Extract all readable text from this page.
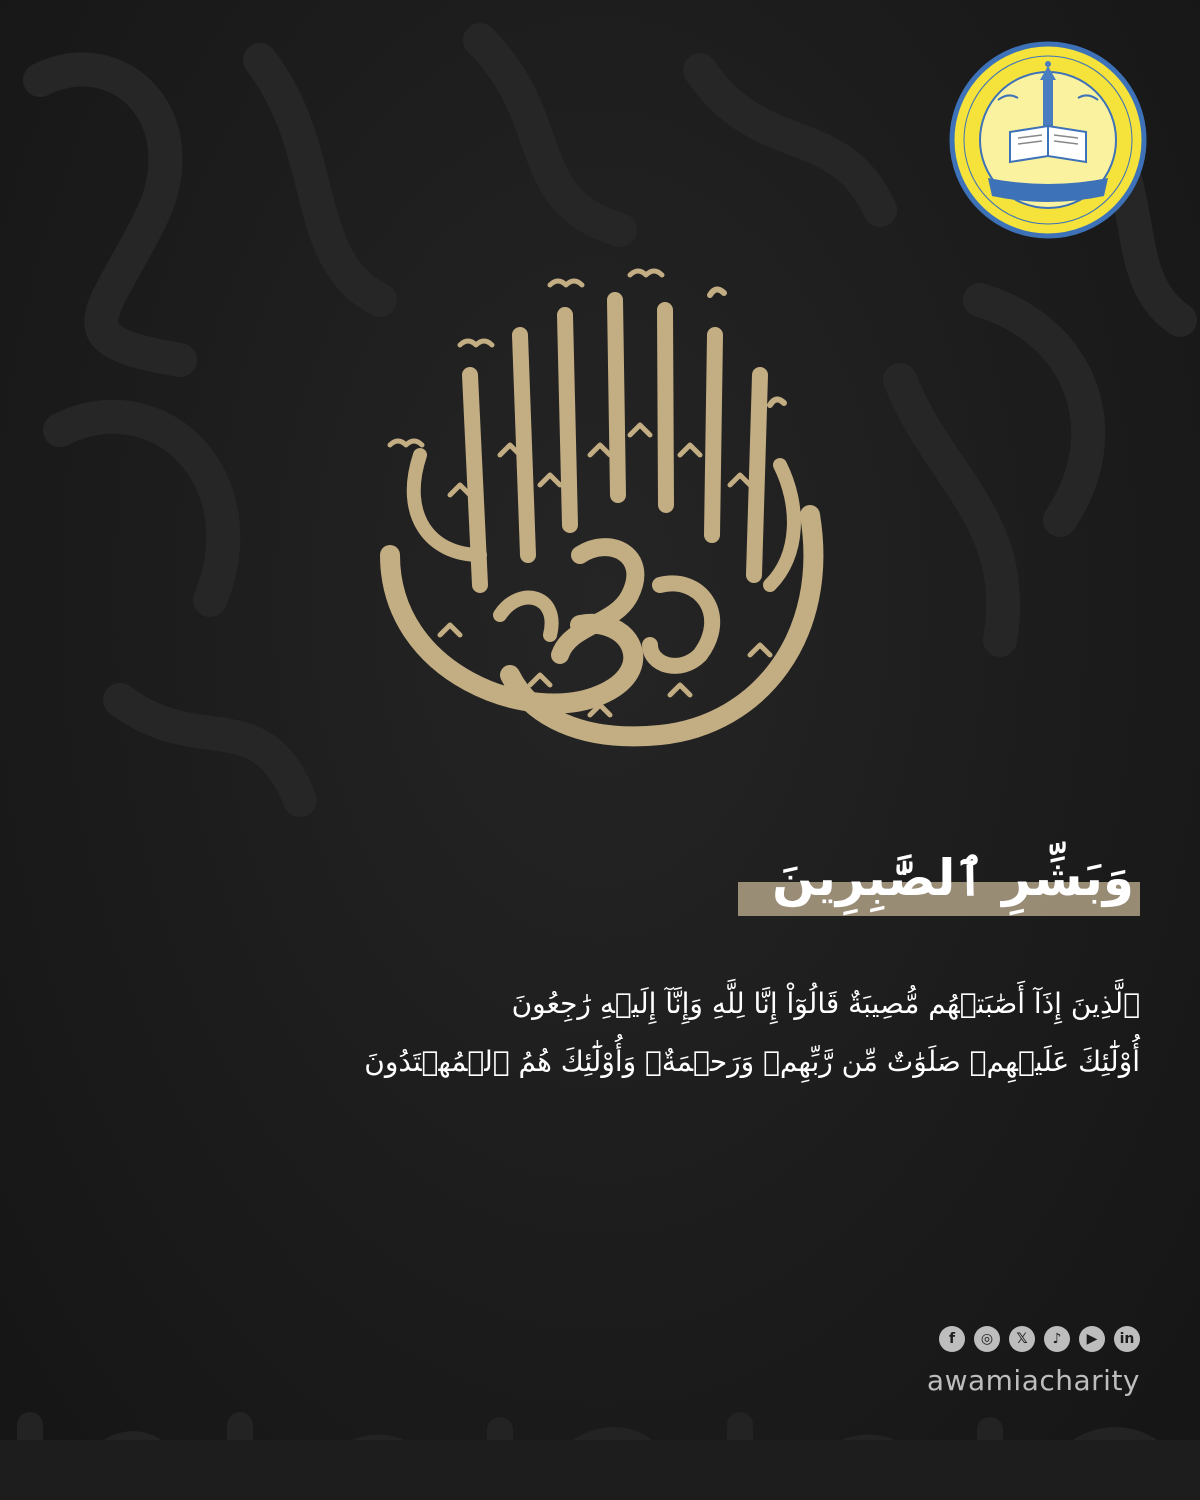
وَبَشِّرِ ٱلصَّٰبِرِينَ

ٱلَّذِينَ إِذَآ أَصَٰبَتۡهُم مُّصِيبَةٌ قَالُوٓاْ إِنَّا لِلَّهِ وَإِنَّآ إِلَيۡهِ رَٰجِعُونَ
أُوْلَٰٓئِكَ عَلَيۡهِمۡ صَلَوَٰتٌ مِّن رَّبِّهِمۡ وَرَحۡمَةٌۖ وَأُوْلَٰٓئِكَ هُمُ ٱلۡمُهۡتَدُونَ

f	◎	𝕏	♪	▶	in

awamiacharity
